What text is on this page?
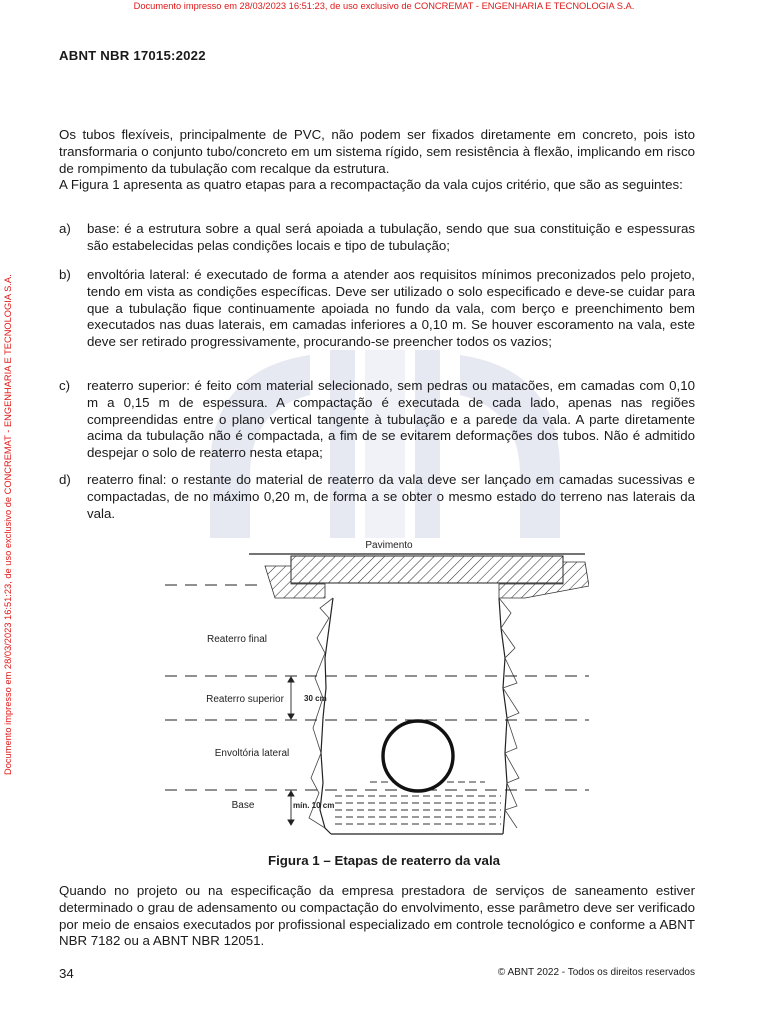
Documento impresso em 28/03/2023 16:51:23, de uso exclusivo de CONCREMAT - ENGENHARIA E TECNOLOGIA S.A.
Documento impresso em 28/03/2023 16:51:23, de uso exclusivo de CONCREMAT - ENGENHARIA E TECNOLOGIA S.A.
ABNT NBR 17015:2022

Os tubos flexíveis, principalmente de PVC, não podem ser fixados diretamente em concreto, pois isto transformaria o conjunto tubo/concreto em um sistema rígido, sem resistência à flexão, implicando em risco de rompimento da tubulação com recalque da estrutura.

A Figura 1 apresenta as quatro etapas para a recompactação da vala cujos critério, que são as seguintes:

a) base: é a estrutura sobre a qual será apoiada a tubulação, sendo que sua constituição e espessuras são estabelecidas pelas condições locais e tipo de tubulação;
b) envoltória lateral: é executado de forma a atender aos requisitos mínimos preconizados pelo projeto, tendo em vista as condições específicas. Deve ser utilizado o solo especificado e deve-se cuidar para que a tubulação fique continuamente apoiada no fundo da vala, com berço e preenchimento bem executados nas duas laterais, em camadas inferiores a 0,10 m. Se houver escoramento na vala, este deve ser retirado progressivamente, procurando-se preencher todos os vazios;
c) reaterro superior: é feito com material selecionado, sem pedras ou matacões, em camadas com 0,10 m a 0,15 m de espessura. A compactação é executada de cada lado, apenas nas regiões compreendidas entre o plano vertical tangente à tubulação e a parede da vala. A parte diretamente acima da tubulação não é compactada, a fim de se evitarem deformações dos tubos. Não é admitido despejar o solo de reaterro nesta etapa;
d) reaterro final: o restante do material de reaterro da vala deve ser lançado em camadas sucessivas e compactadas, de no máximo 0,20 m, de forma a se obter o mesmo estado do terreno nas laterais da vala.
Pavimento
Reaterro final
Reaterro superior
Envoltória lateral
Base
30 cm
mín. 10 cm
Figura 1 – Etapas de reaterro da vala

Quando no projeto ou na especificação da empresa prestadora de serviços de saneamento estiver determinado o grau de adensamento ou compactação do envolvimento, esse parâmetro deve ser verificado por meio de ensaios executados por profissional especializado em controle tecnológico e conforme a ABNT NBR 7182 ou a ABNT NBR 12051.

34	© ABNT 2022 - Todos os direitos reservados
